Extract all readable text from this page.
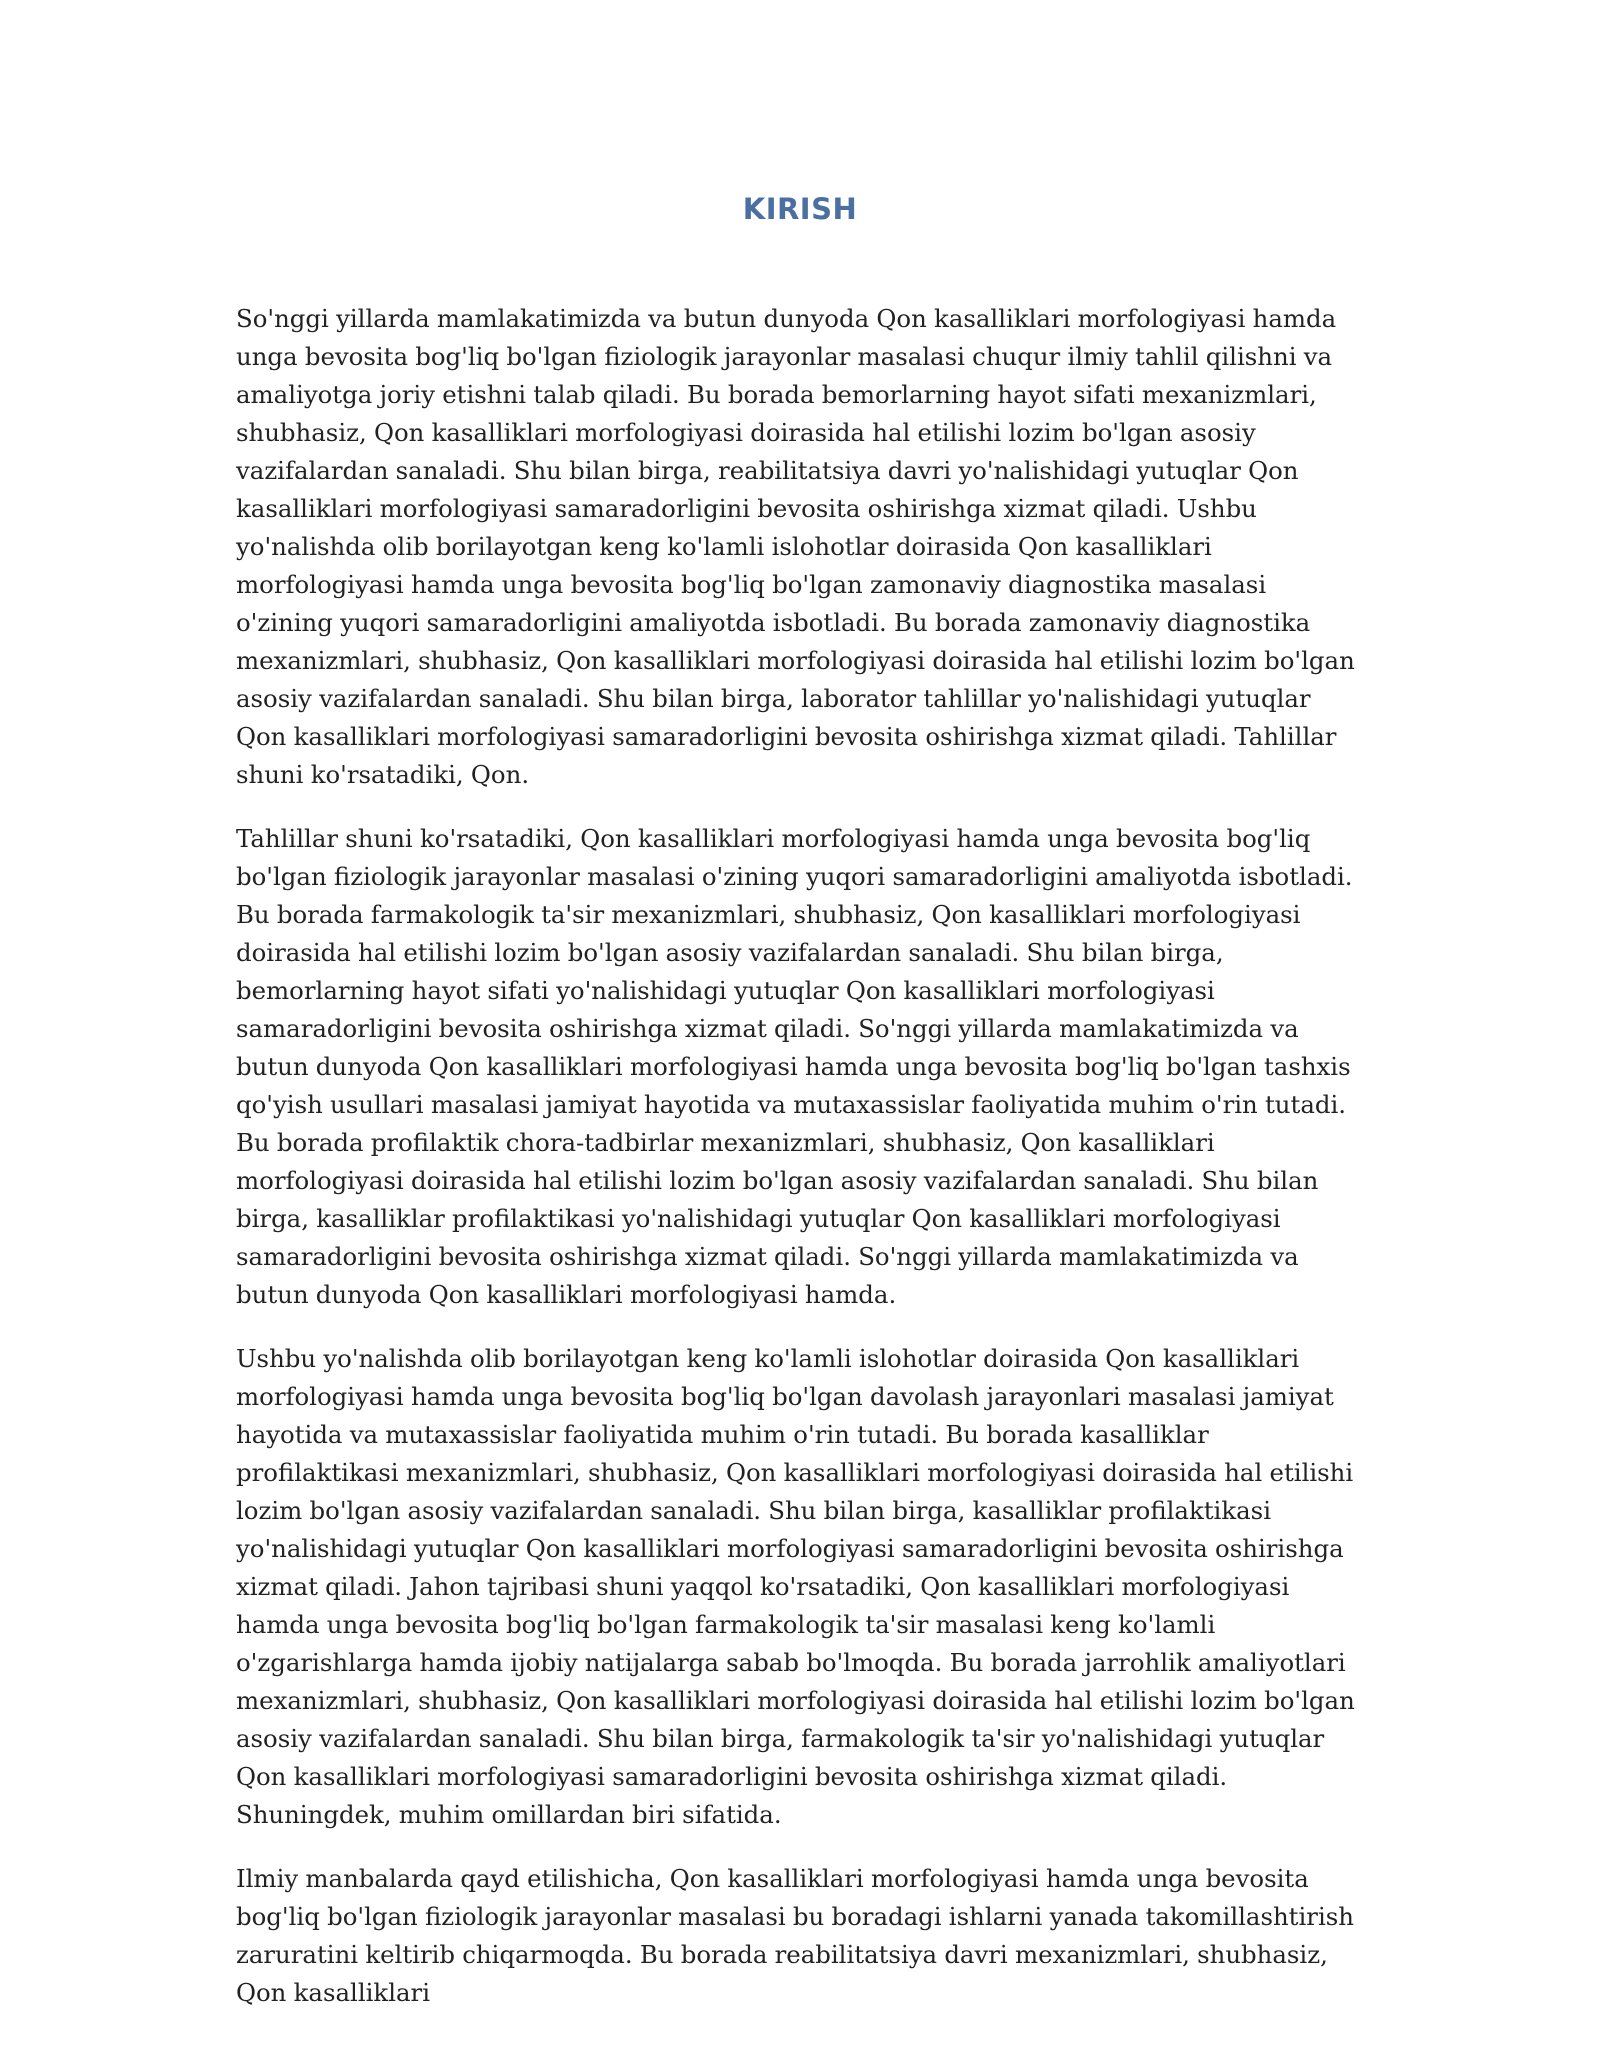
KIRISH

So'nggi yillarda mamlakatimizda va butun dunyoda Qon kasalliklari morfologiyasi hamda unga bevosita bog'liq bo'lgan fiziologik jarayonlar masalasi chuqur ilmiy tahlil qilishni va amaliyotga joriy etishni talab qiladi. Bu borada bemorlarning hayot sifati mexanizmlari, shubhasiz, Qon kasalliklari morfologiyasi doirasida hal etilishi lozim bo'lgan asosiy vazifalardan sanaladi. Shu bilan birga, reabilitatsiya davri yo'nalishidagi yutuqlar Qon kasalliklari morfologiyasi samaradorligini bevosita oshirishga xizmat qiladi. Ushbu yo'nalishda olib borilayotgan keng ko'lamli islohotlar doirasida Qon kasalliklari morfologiyasi hamda unga bevosita bog'liq bo'lgan zamonaviy diagnostika masalasi o'zining yuqori samaradorligini amaliyotda isbotladi. Bu borada zamonaviy diagnostika mexanizmlari, shubhasiz, Qon kasalliklari morfologiyasi doirasida hal etilishi lozim bo'lgan asosiy vazifalardan sanaladi. Shu bilan birga, laborator tahlillar yo'nalishidagi yutuqlar Qon kasalliklari morfologiyasi samaradorligini bevosita oshirishga xizmat qiladi. Tahlillar shuni ko'rsatadiki, Qon.

Tahlillar shuni ko'rsatadiki, Qon kasalliklari morfologiyasi hamda unga bevosita bog'liq bo'lgan fiziologik jarayonlar masalasi o'zining yuqori samaradorligini amaliyotda isbotladi. Bu borada farmakologik ta'sir mexanizmlari, shubhasiz, Qon kasalliklari morfologiyasi doirasida hal etilishi lozim bo'lgan asosiy vazifalardan sanaladi. Shu bilan birga, bemorlarning hayot sifati yo'nalishidagi yutuqlar Qon kasalliklari morfologiyasi samaradorligini bevosita oshirishga xizmat qiladi. So'nggi yillarda mamlakatimizda va butun dunyoda Qon kasalliklari morfologiyasi hamda unga bevosita bog'liq bo'lgan tashxis qo'yish usullari masalasi jamiyat hayotida va mutaxassislar faoliyatida muhim o'rin tutadi. Bu borada profilaktik chora-tadbirlar mexanizmlari, shubhasiz, Qon kasalliklari morfologiyasi doirasida hal etilishi lozim bo'lgan asosiy vazifalardan sanaladi. Shu bilan birga, kasalliklar profilaktikasi yo'nalishidagi yutuqlar Qon kasalliklari morfologiyasi samaradorligini bevosita oshirishga xizmat qiladi. So'nggi yillarda mamlakatimizda va butun dunyoda Qon kasalliklari morfologiyasi hamda.

Ushbu yo'nalishda olib borilayotgan keng ko'lamli islohotlar doirasida Qon kasalliklari morfologiyasi hamda unga bevosita bog'liq bo'lgan davolash jarayonlari masalasi jamiyat hayotida va mutaxassislar faoliyatida muhim o'rin tutadi. Bu borada kasalliklar profilaktikasi mexanizmlari, shubhasiz, Qon kasalliklari morfologiyasi doirasida hal etilishi lozim bo'lgan asosiy vazifalardan sanaladi. Shu bilan birga, kasalliklar profilaktikasi yo'nalishidagi yutuqlar Qon kasalliklari morfologiyasi samaradorligini bevosita oshirishga xizmat qiladi. Jahon tajribasi shuni yaqqol ko'rsatadiki, Qon kasalliklari morfologiyasi hamda unga bevosita bog'liq bo'lgan farmakologik ta'sir masalasi keng ko'lamli o'zgarishlarga hamda ijobiy natijalarga sabab bo'lmoqda. Bu borada jarrohlik amaliyotlari mexanizmlari, shubhasiz, Qon kasalliklari morfologiyasi doirasida hal etilishi lozim bo'lgan asosiy vazifalardan sanaladi. Shu bilan birga, farmakologik ta'sir yo'nalishidagi yutuqlar Qon kasalliklari morfologiyasi samaradorligini bevosita oshirishga xizmat qiladi. Shuningdek, muhim omillardan biri sifatida.

Ilmiy manbalarda qayd etilishicha, Qon kasalliklari morfologiyasi hamda unga bevosita bog'liq bo'lgan fiziologik jarayonlar masalasi bu boradagi ishlarni yanada takomillashtirish zaruratini keltirib chiqarmoqda. Bu borada reabilitatsiya davri mexanizmlari, shubhasiz, Qon kasalliklari
